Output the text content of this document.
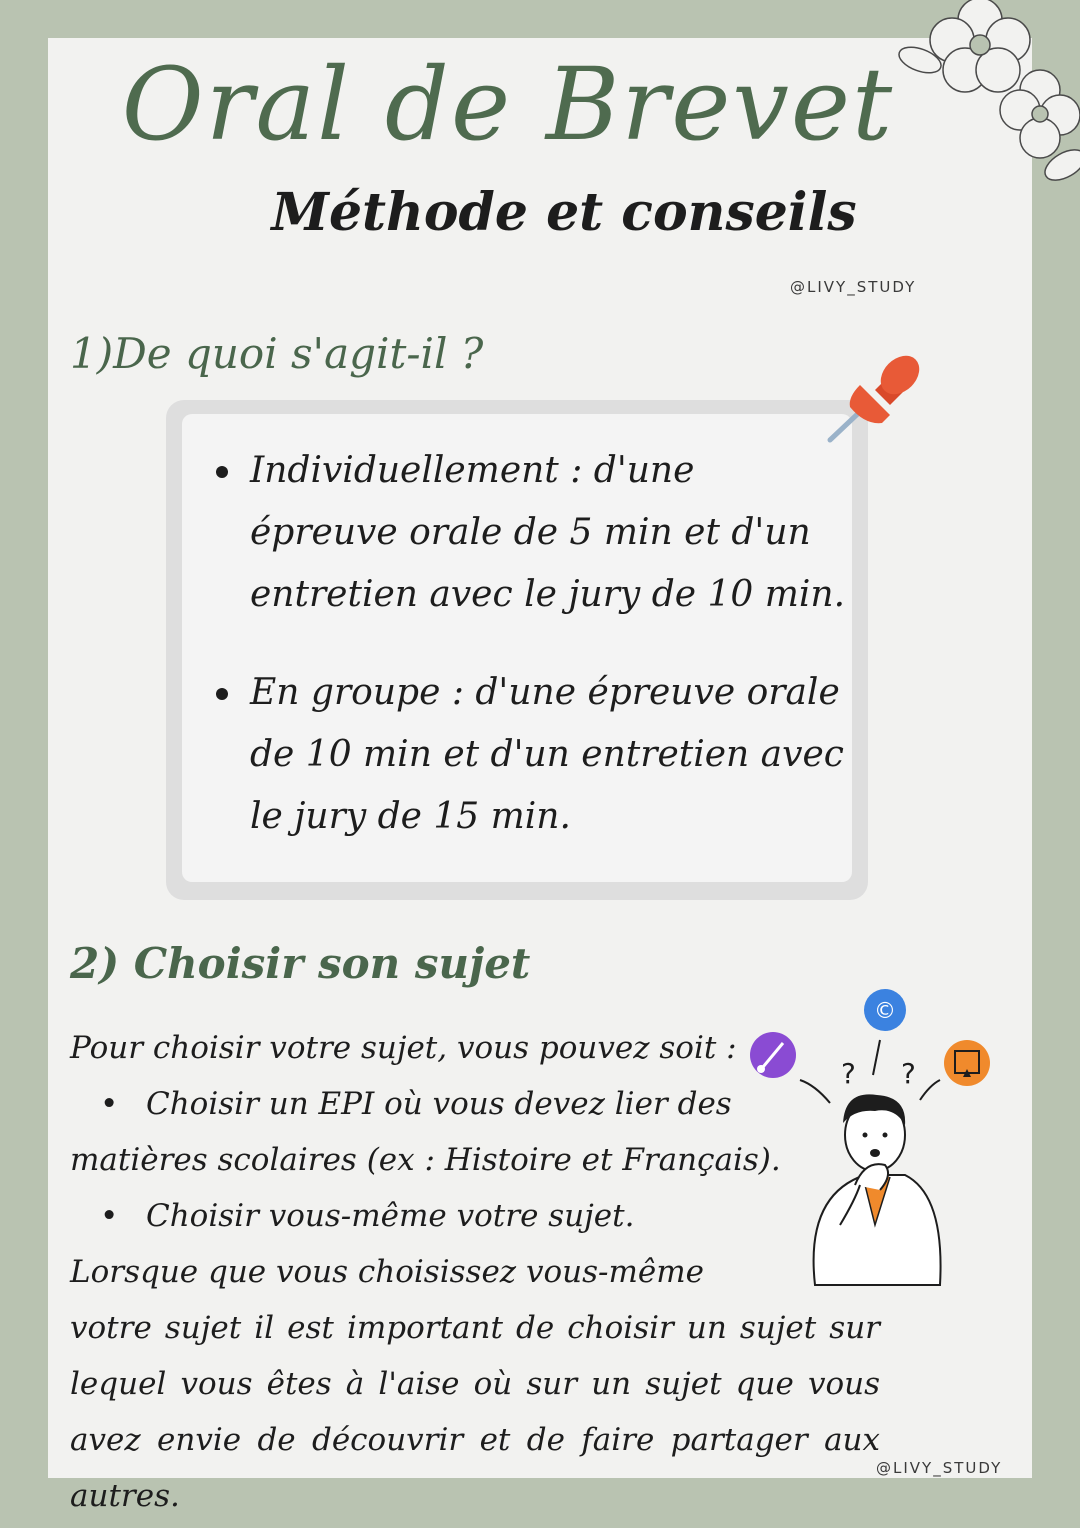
Oral de Brevet
Méthode et conseils
@LIVY_STUDY
1)De quoi s'agit-il ?
Individuellement : d'une épreuve orale de 5 min et d'un entretien avec le jury de 10 min.
En groupe : d'une épreuve orale de 10 min et d'un entretien avec le jury de 15 min.
2) Choisir son sujet

Pour choisir votre sujet, vous pouvez soit :

• Choisir un EPI où vous devez lier des

matières scolaires (ex : Histoire et Français).

• Choisir vous-même votre sujet.

Lorsque que vous choisissez vous-même

votre sujet il est important de choisir un sujet sur lequel vous êtes à l'aise où sur un sujet que vous avez envie de découvrir et de faire partager aux autres.

©
? ?
@LIVY_STUDY
